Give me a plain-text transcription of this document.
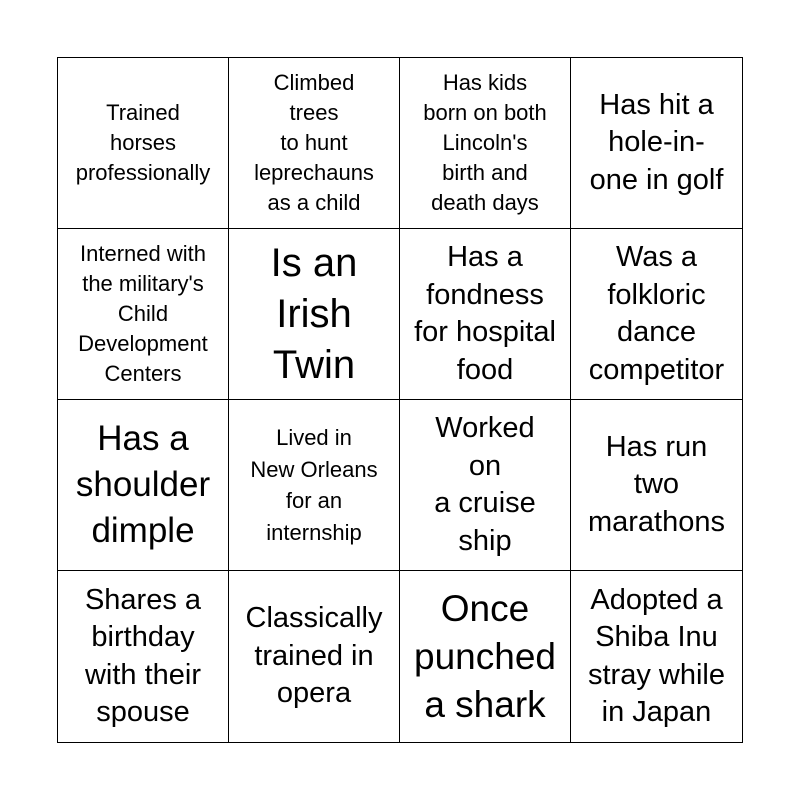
Trained
horses
professionally
Climbed
trees
to hunt
leprechauns
as a child
Has kids
born on both
Lincoln's
birth and
death days
Has hit a
hole-in-
one in golf
Interned with
the military's
Child
Development
Centers
Is an
Irish
Twin
Has a
fondness
for hospital
food
Was a
folkloric
dance
competitor
Has a
shoulder
dimple
Lived in
New Orleans
for an
internship
Worked
on
a cruise
ship
Has run
two
marathons
Shares a
birthday
with their
spouse
Classically
trained in
opera
Once
punched
a shark
Adopted a
Shiba Inu
stray while
in Japan
